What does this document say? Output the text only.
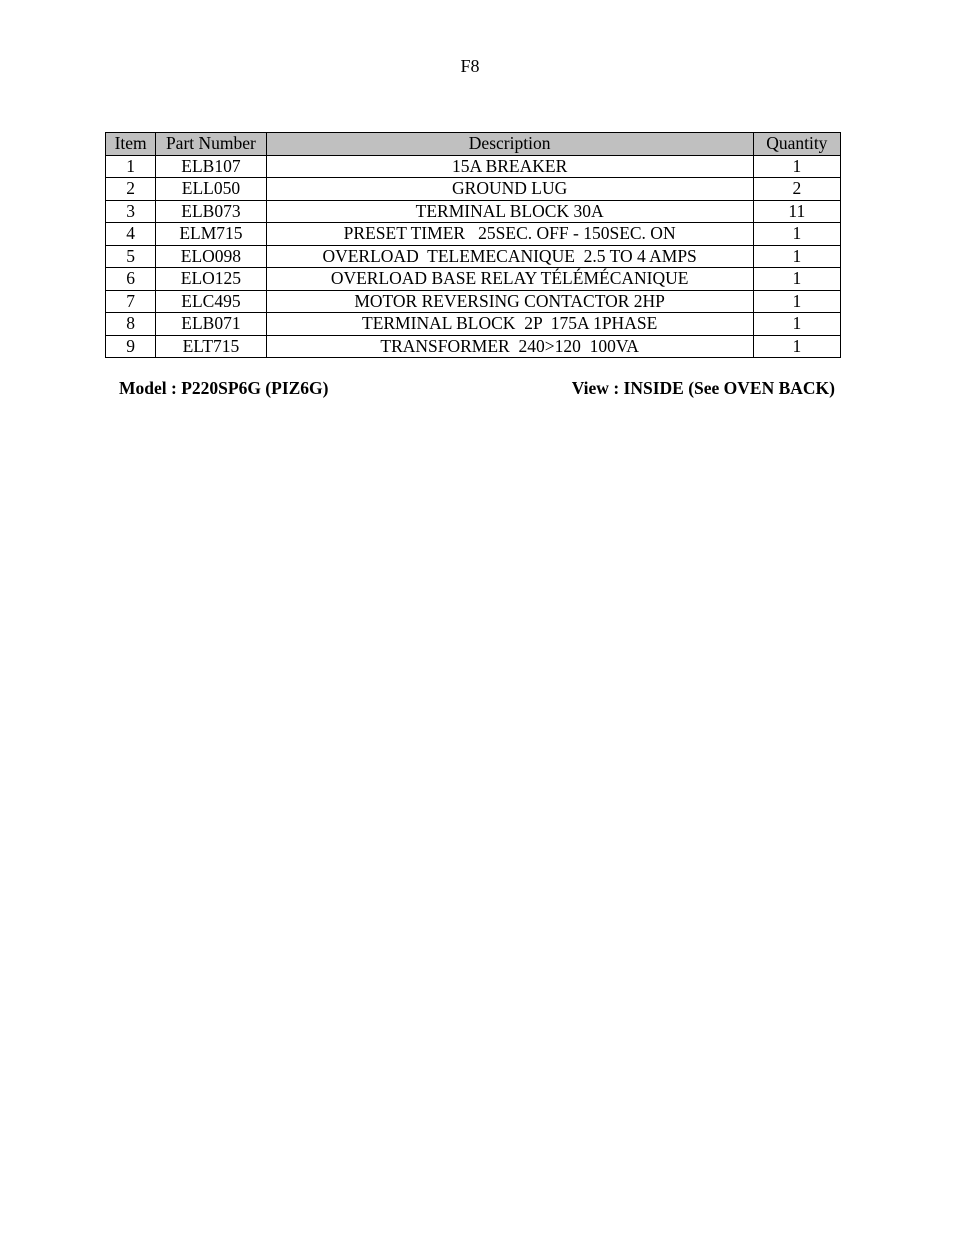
F8
Item	Part Number	Description	Quantity
1	ELB107	15A BREAKER	1
2	ELL050	GROUND LUG	2
3	ELB073	TERMINAL BLOCK 30A	11
4	ELM715	PRESET TIMER   25SEC. OFF - 150SEC. ON	1
5	ELO098	OVERLOAD  TELEMECANIQUE  2.5 TO 4 AMPS	1
6	ELO125	OVERLOAD BASE RELAY TÉLÉMÉCANIQUE	1
7	ELC495	MOTOR REVERSING CONTACTOR 2HP	1
8	ELB071	TERMINAL BLOCK  2P  175A 1PHASE	1
9	ELT715	TRANSFORMER  240>120  100VA	1
Model : P220SP6G (PIZ6G)	View : INSIDE (See OVEN BACK)
